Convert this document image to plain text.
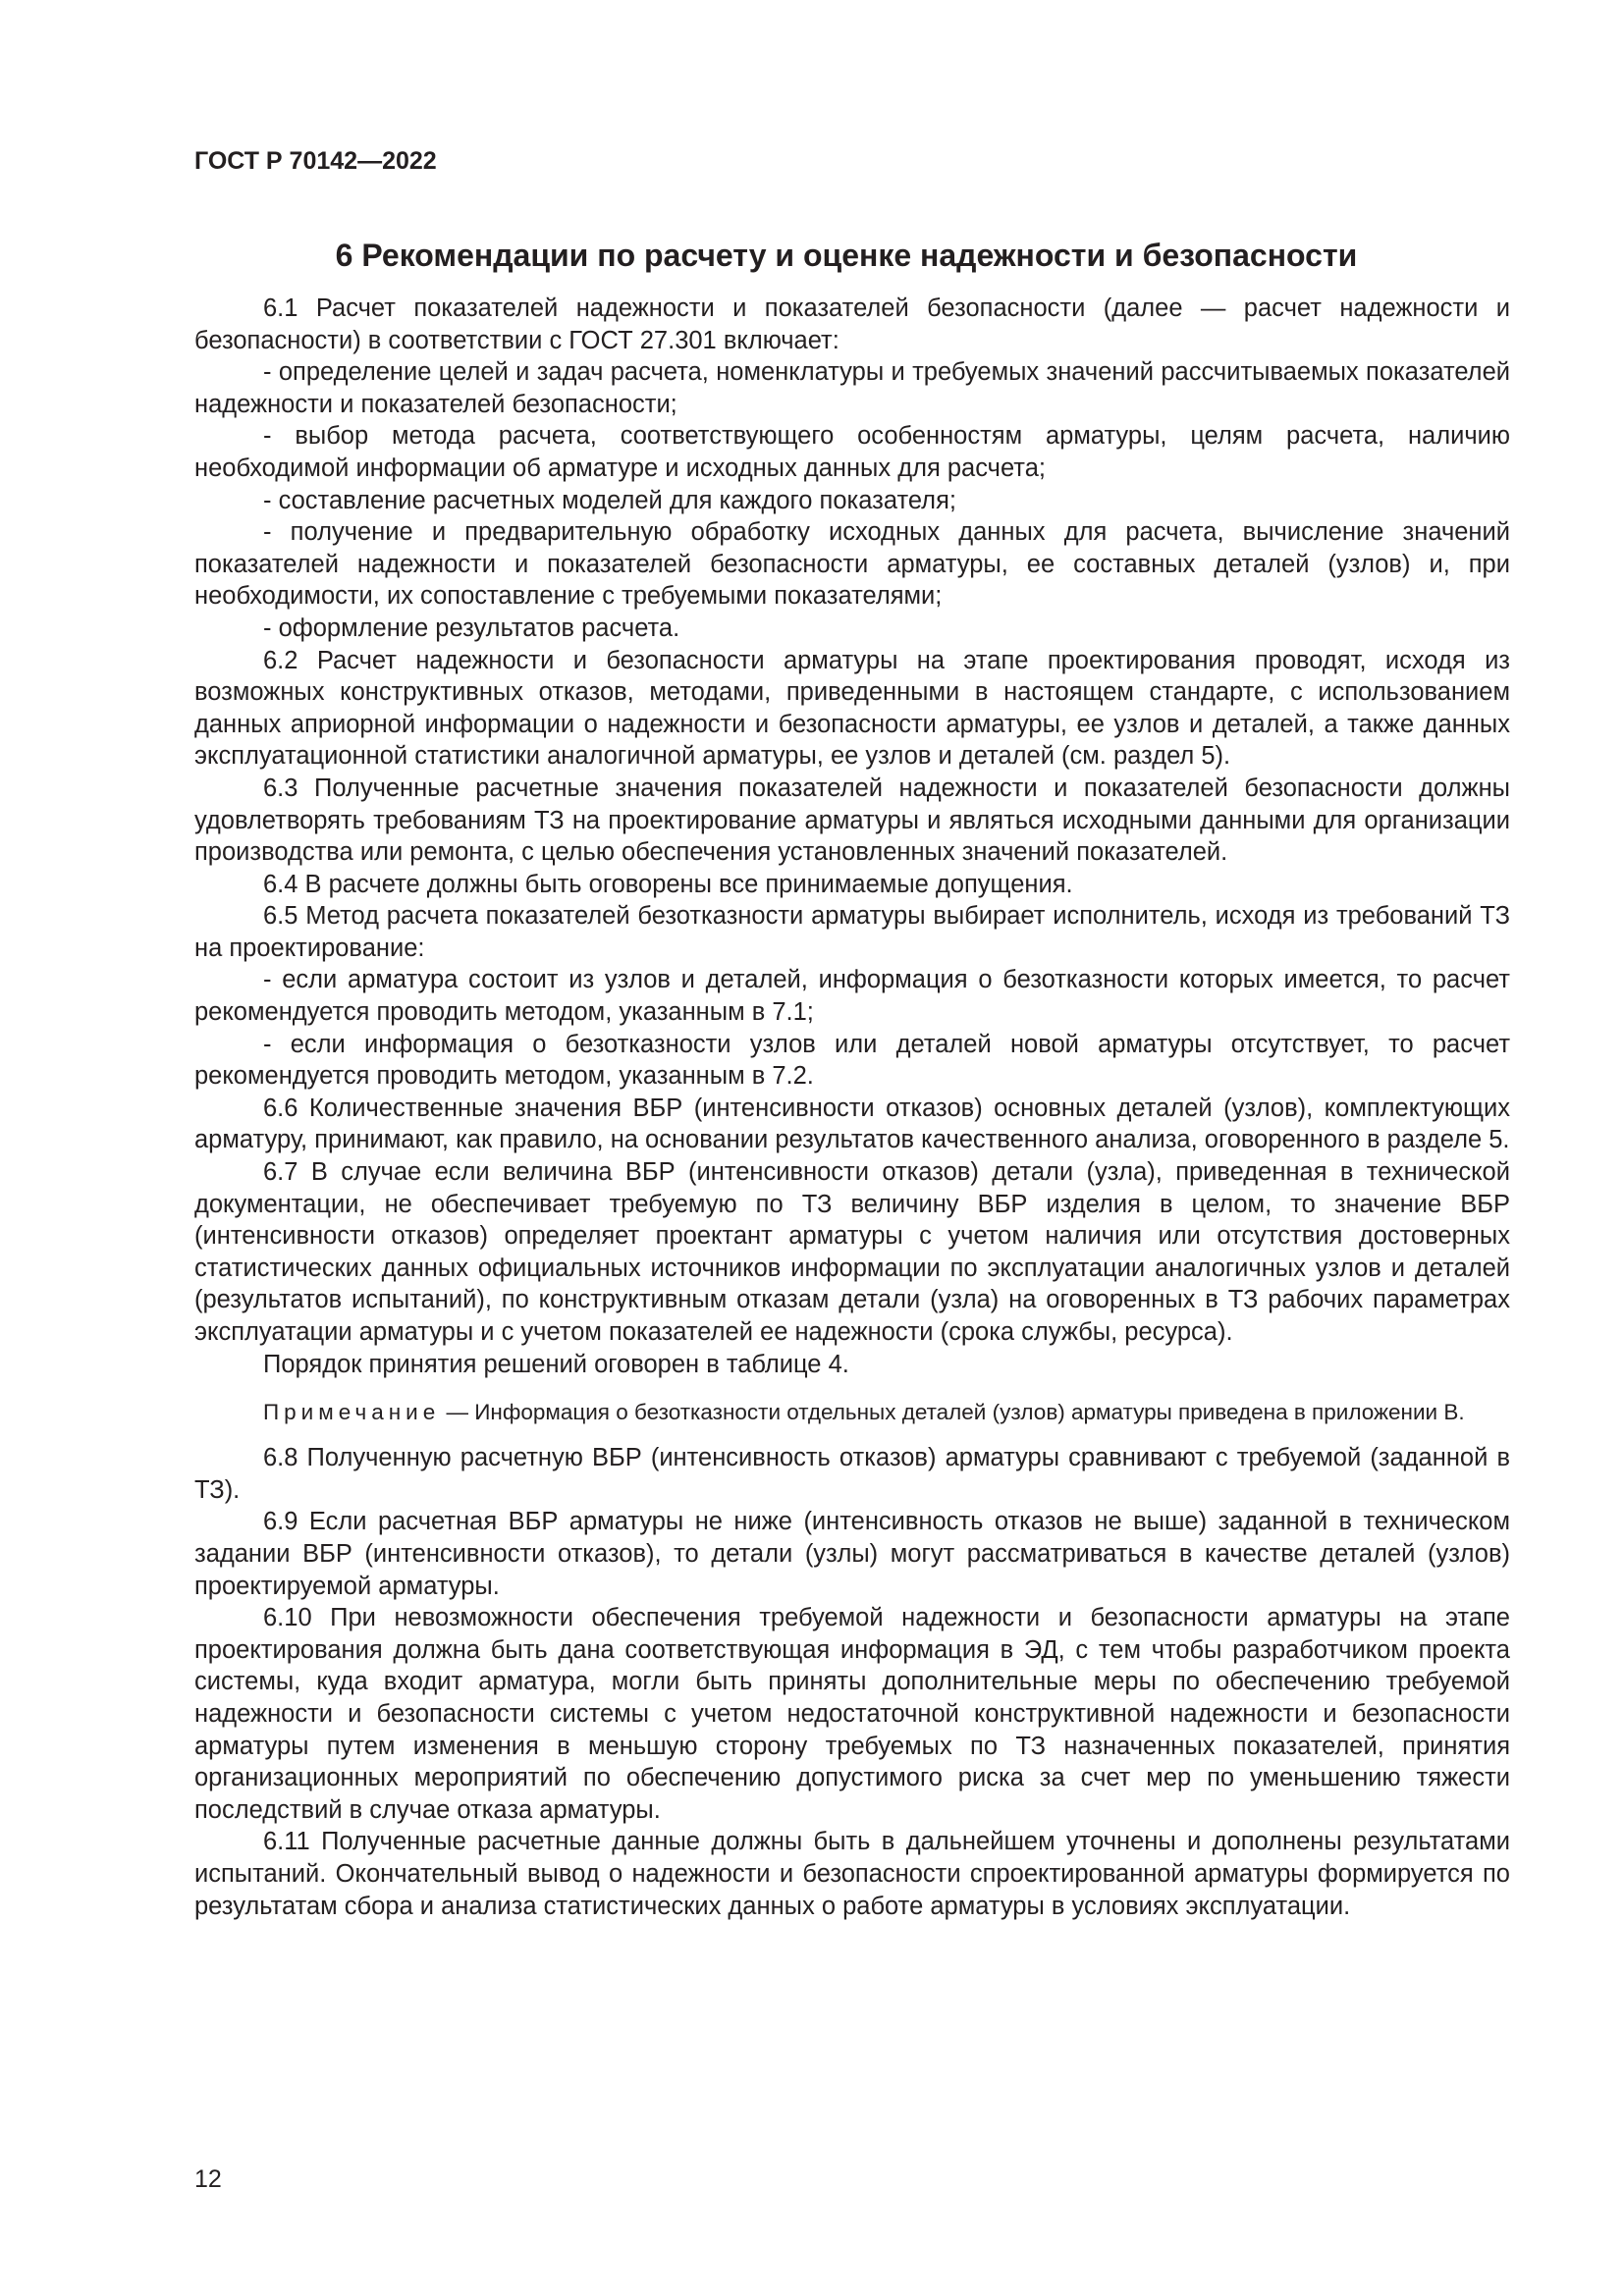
ГОСТ Р 70142—2022

6 Рекомендации по расчету и оценке надежности и безопасности

6.1 Расчет показателей надежности и показателей безопасности (далее — расчет надежности и безопасности) в соответствии с ГОСТ 27.301 включает:

- определение целей и задач расчета, номенклатуры и требуемых значений рассчитываемых показателей надежности и показателей безопасности;

- выбор метода расчета, соответствующего особенностям арматуры, целям расчета, наличию необходимой информации об арматуре и исходных данных для расчета;

- составление расчетных моделей для каждого показателя;

- получение и предварительную обработку исходных данных для расчета, вычисление значений показателей надежности и показателей безопасности арматуры, ее составных деталей (узлов) и, при необходимости, их сопоставление с требуемыми показателями;

- оформление результатов расчета.

6.2 Расчет надежности и безопасности арматуры на этапе проектирования проводят, исходя из возможных конструктивных отказов, методами, приведенными в настоящем стандарте, с использованием данных априорной информации о надежности и безопасности арматуры, ее узлов и деталей, а также данных эксплуатационной статистики аналогичной арматуры, ее узлов и деталей (см. раздел 5).

6.3 Полученные расчетные значения показателей надежности и показателей безопасности должны удовлетворять требованиям ТЗ на проектирование арматуры и являться исходными данными для организации производства или ремонта, с целью обеспечения установленных значений показателей.

6.4 В расчете должны быть оговорены все принимаемые допущения.

6.5 Метод расчета показателей безотказности арматуры выбирает исполнитель, исходя из требований ТЗ на проектирование:

- если арматура состоит из узлов и деталей, информация о безотказности которых имеется, то расчет рекомендуется проводить методом, указанным в 7.1;

- если информация о безотказности узлов или деталей новой арматуры отсутствует, то расчет рекомендуется проводить методом, указанным в 7.2.

6.6 Количественные значения ВБР (интенсивности отказов) основных деталей (узлов), комплектующих арматуру, принимают, как правило, на основании результатов качественного анализа, оговоренного в разделе 5.

6.7 В случае если величина ВБР (интенсивности отказов) детали (узла), приведенная в технической документации, не обеспечивает требуемую по ТЗ величину ВБР изделия в целом, то значение ВБР (интенсивности отказов) определяет проектант арматуры с учетом наличия или отсутствия достоверных статистических данных официальных источников информации по эксплуатации аналогичных узлов и деталей (результатов испытаний), по конструктивным отказам детали (узла) на оговоренных в ТЗ рабочих параметрах эксплуатации арматуры и с учетом показателей ее надежности (срока службы, ресурса).

Порядок принятия решений оговорен в таблице 4.

Примечание — Информация о безотказности отдельных деталей (узлов) арматуры приведена в приложении В.

6.8 Полученную расчетную ВБР (интенсивность отказов) арматуры сравнивают с требуемой (заданной в ТЗ).

6.9 Если расчетная ВБР арматуры не ниже (интенсивность отказов не выше) заданной в техническом задании ВБР (интенсивности отказов), то детали (узлы) могут рассматриваться в качестве деталей (узлов) проектируемой арматуры.

6.10 При невозможности обеспечения требуемой надежности и безопасности арматуры на этапе проектирования должна быть дана соответствующая информация в ЭД, с тем чтобы разработчиком проекта системы, куда входит арматура, могли быть приняты дополнительные меры по обеспечению требуемой надежности и безопасности системы с учетом недостаточной конструктивной надежности и безопасности арматуры путем изменения в меньшую сторону требуемых по ТЗ назначенных показателей, принятия организационных мероприятий по обеспечению допустимого риска за счет мер по уменьшению тяжести последствий в случае отказа арматуры.

6.11 Полученные расчетные данные должны быть в дальнейшем уточнены и дополнены результатами испытаний. Окончательный вывод о надежности и безопасности спроектированной арматуры формируется по результатам сбора и анализа статистических данных о работе арматуры в условиях эксплуатации.

12
